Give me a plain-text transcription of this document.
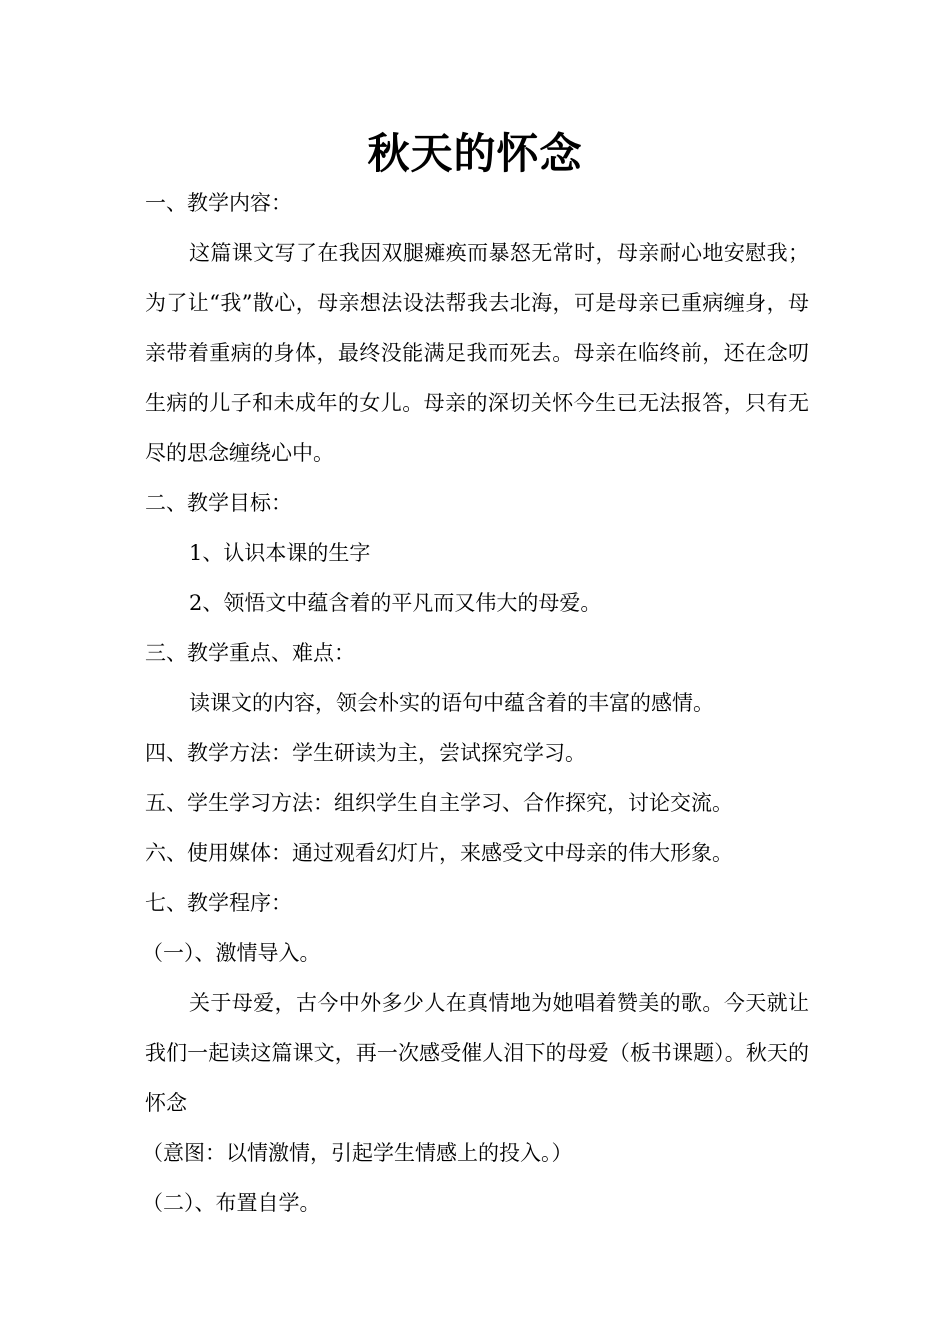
秋天的怀念

一、教学内容：

这篇课文写了在我因双腿瘫痪而暴怒无常时，母亲耐心地安慰我；为了让“我”散心，母亲想法设法帮我去北海，可是母亲已重病缠身，母亲带着重病的身体，最终没能满足我而死去。母亲在临终前，还在念叨生病的儿子和未成年的女儿。母亲的深切关怀今生已无法报答，只有无尽的思念缠绕心中。

二、教学目标：

1、认识本课的生字

2、领悟文中蕴含着的平凡而又伟大的母爱。

三、教学重点、难点：

读课文的内容，领会朴实的语句中蕴含着的丰富的感情。

四、教学方法：学生研读为主，尝试探究学习。

五、学生学习方法：组织学生自主学习、合作探究，讨论交流。

六、使用媒体：通过观看幻灯片，来感受文中母亲的伟大形象。

七、教学程序：

（一）、激情导入。

关于母爱，古今中外多少人在真情地为她唱着赞美的歌。今天就让我们一起读这篇课文，再一次感受催人泪下的母爱（板书课题）。秋天的怀念

（意图：以情激情，引起学生情感上的投入。）

（二）、布置自学。
